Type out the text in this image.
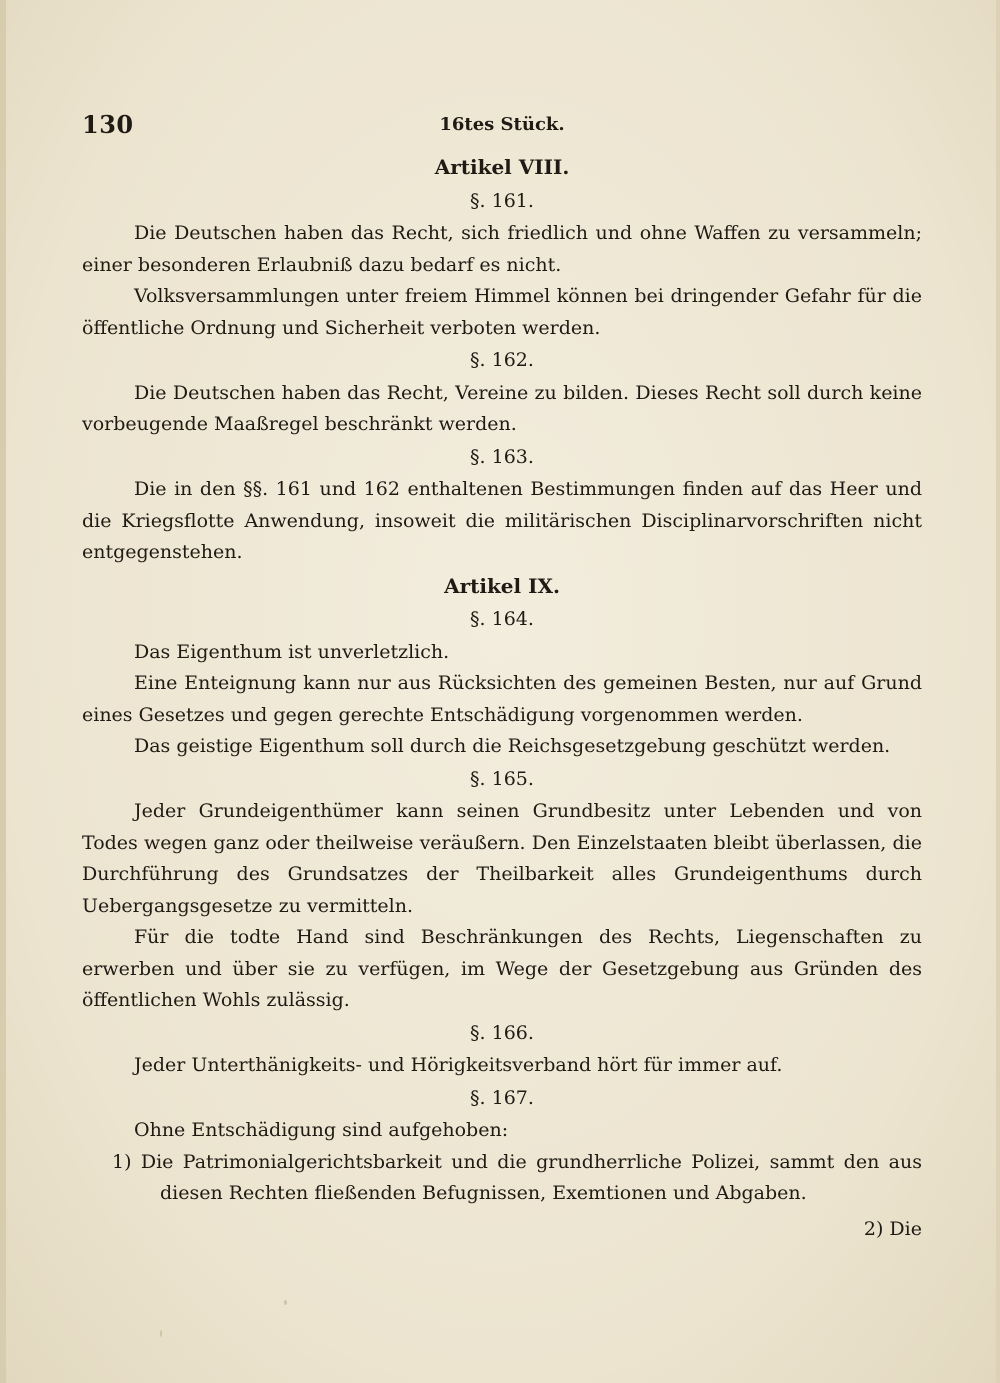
130	16tes Stück.
Artikel VIII.
§. 161.

Die Deutschen haben das Recht, sich friedlich und ohne Waffen zu versammeln; einer besonderen Erlaubniß dazu bedarf es nicht.

Volksversammlungen unter freiem Himmel können bei dringender Gefahr für die öffentliche Ordnung und Sicherheit verboten werden.

§. 162.

Die Deutschen haben das Recht, Vereine zu bilden. Dieses Recht soll durch keine vorbeugende Maaßregel beschränkt werden.

§. 163.

Die in den §§. 161 und 162 enthaltenen Bestimmungen finden auf das Heer und die Kriegsflotte Anwendung, insoweit die militärischen Disciplinarvorschriften nicht entgegenstehen.

Artikel IX.
§. 164.

Das Eigenthum ist unverletzlich.

Eine Enteignung kann nur aus Rücksichten des gemeinen Besten, nur auf Grund eines Gesetzes und gegen gerechte Entschädigung vorgenommen werden.

Das geistige Eigenthum soll durch die Reichsgesetzgebung geschützt werden.

§. 165.

Jeder Grundeigenthümer kann seinen Grundbesitz unter Lebenden und von Todes wegen ganz oder theilweise veräußern. Den Einzelstaaten bleibt überlassen, die Durchführung des Grundsatzes der Theilbarkeit alles Grundeigenthums durch Uebergangsgesetze zu vermitteln.

Für die todte Hand sind Beschränkungen des Rechts, Liegenschaften zu erwerben und über sie zu verfügen, im Wege der Gesetzgebung aus Gründen des öffentlichen Wohls zulässig.

§. 166.

Jeder Unterthänigkeits- und Hörigkeitsverband hört für immer auf.

§. 167.

Ohne Entschädigung sind aufgehoben:

1) Die Patrimonialgerichtsbarkeit und die grundherrliche Polizei, sammt den aus diesen Rechten fließenden Befugnissen, Exemtionen und Abgaben.

2) Die
